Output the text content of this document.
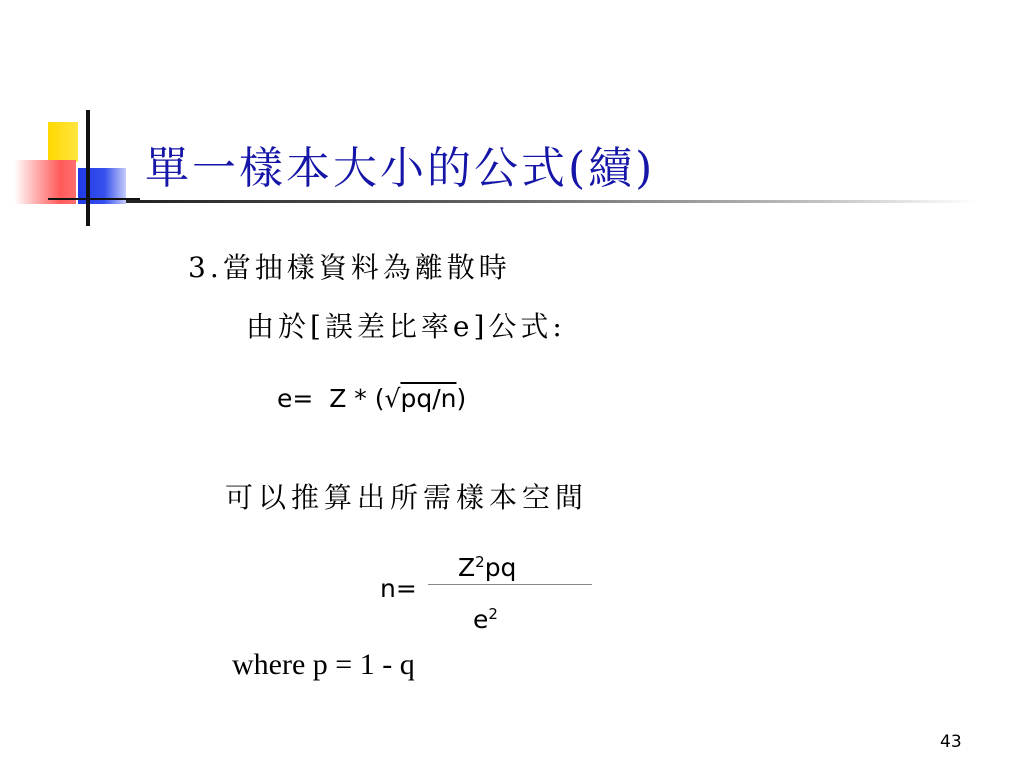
單一樣本大小的公式(續)
3.當抽樣資料為離散時
由於[誤差比率e]公式:
e= Z * (√pq/n)
可以推算出所需樣本空間
n=
$Z^2pq$
$e^2$
where p = 1 - q
43
